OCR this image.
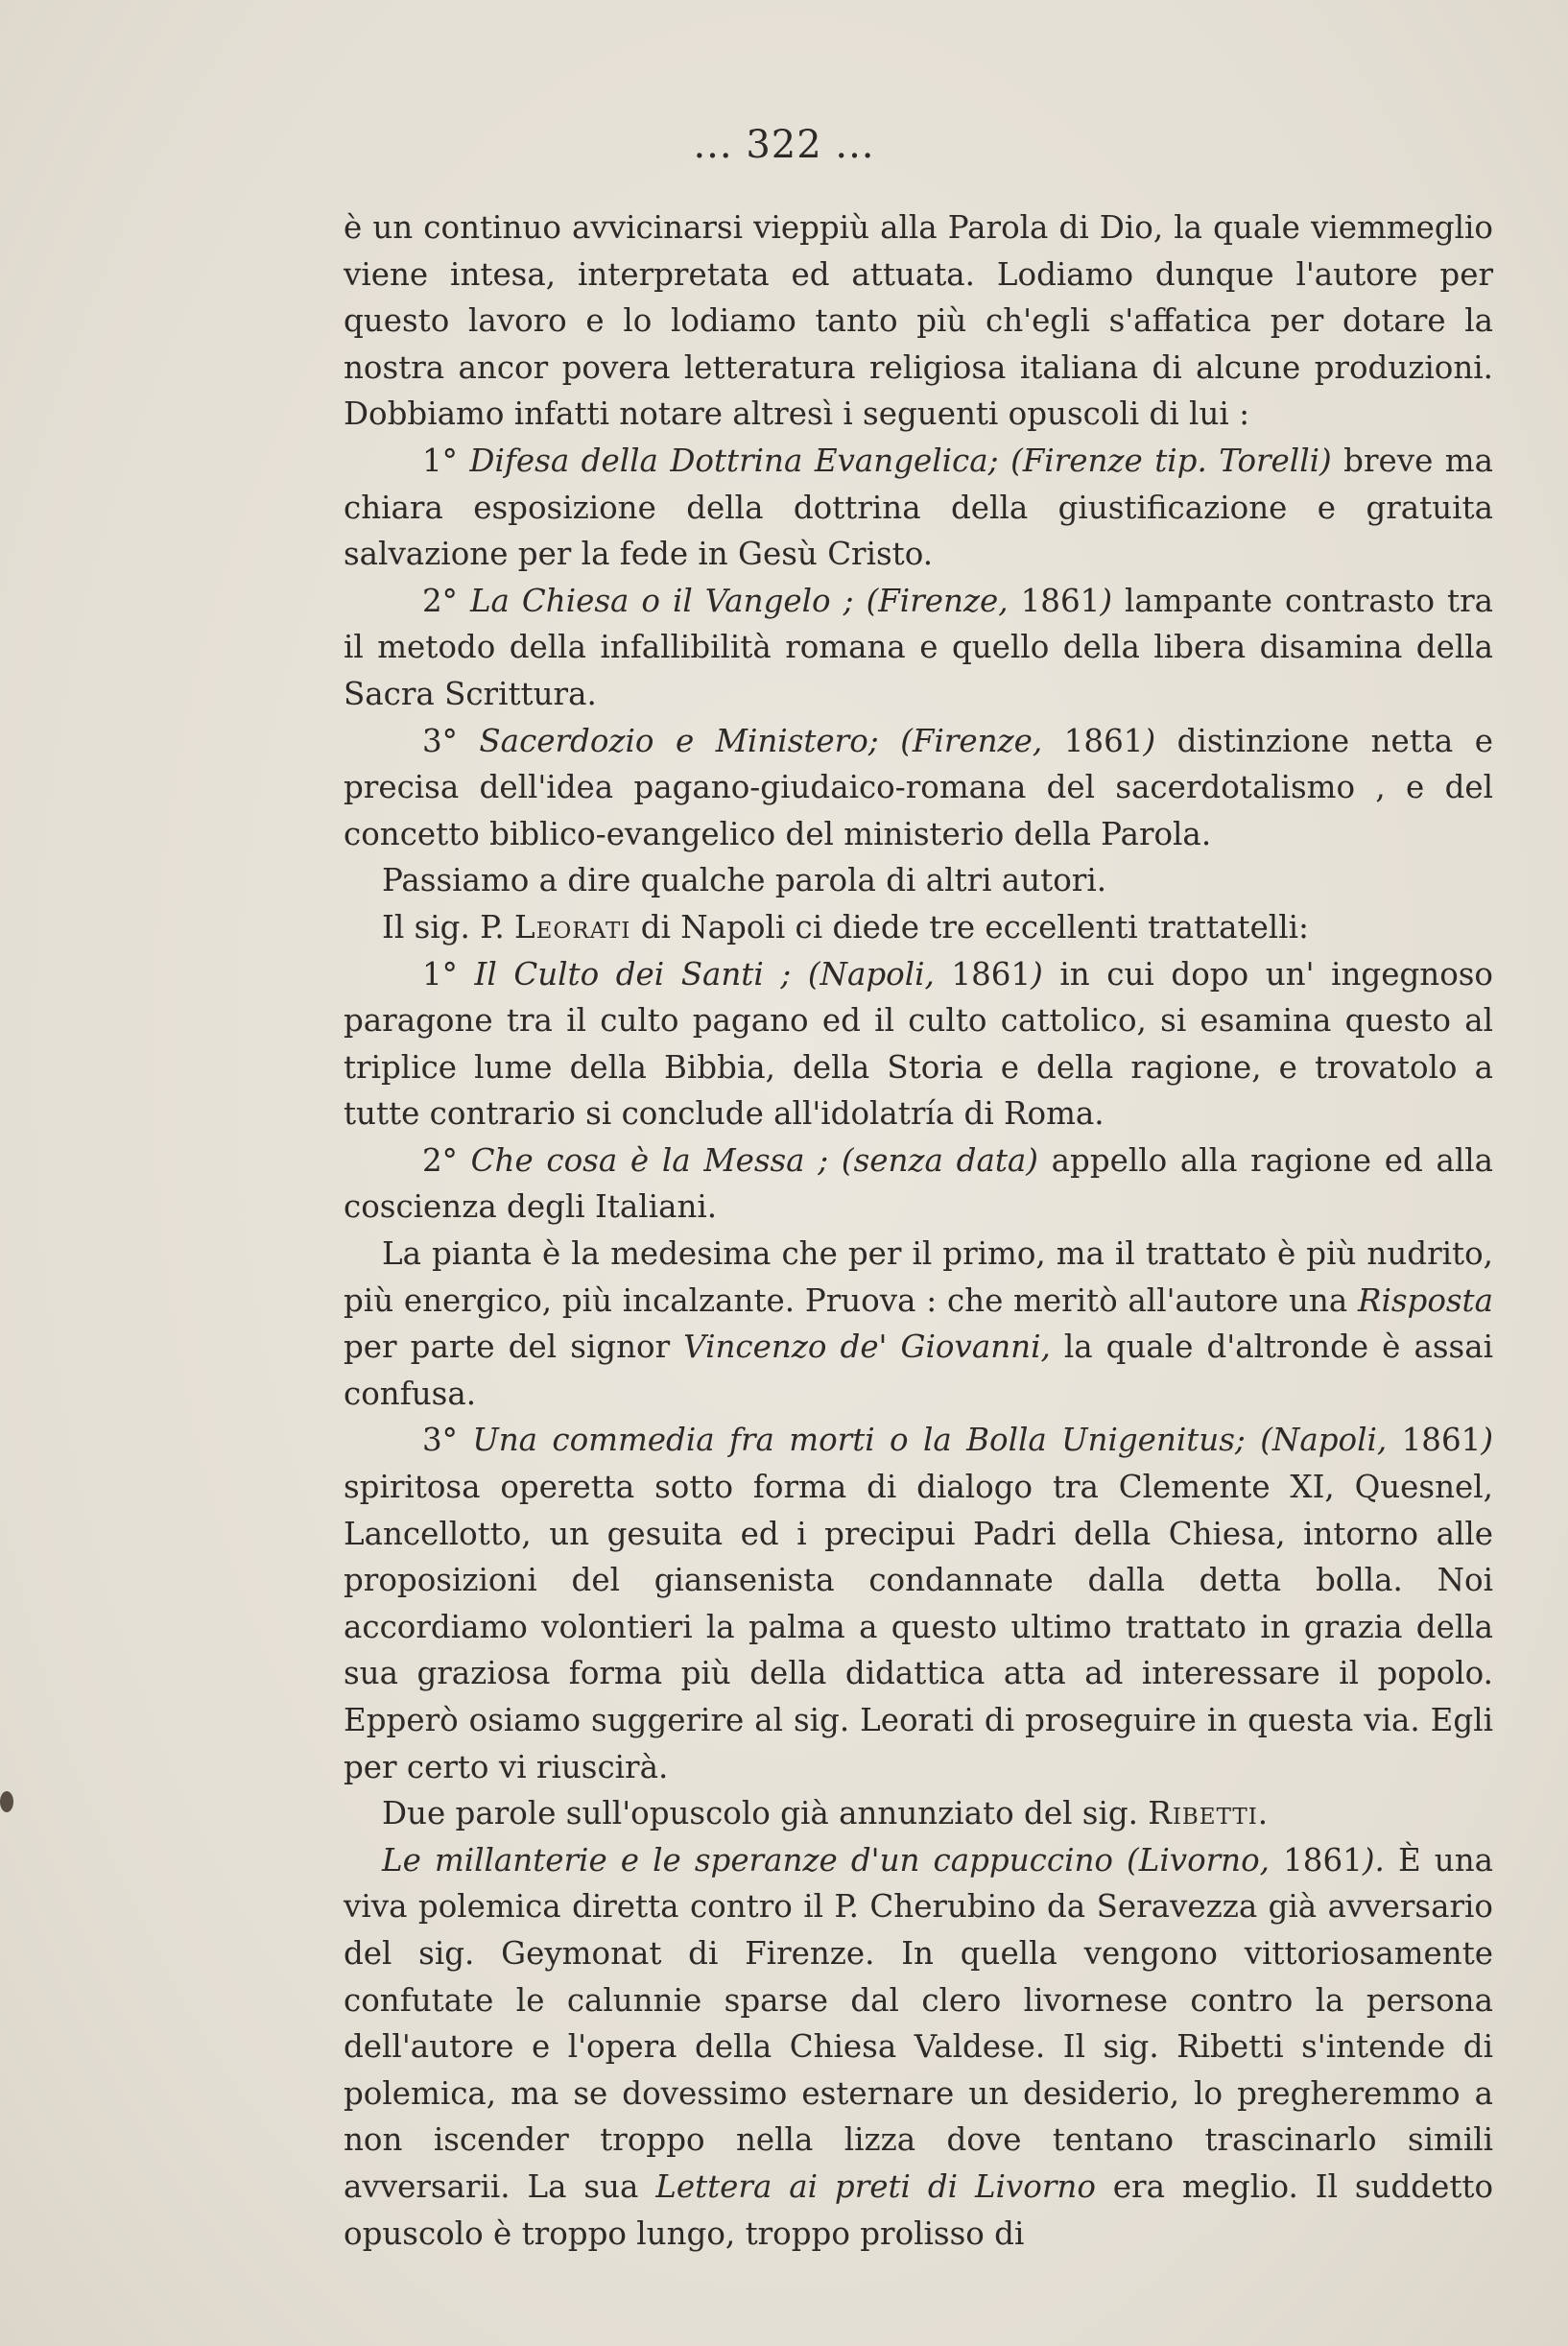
... 322 ...

è un continuo avvicinarsi vieppiù alla Parola di Dio, la quale viemmeglio viene intesa, interpretata ed attuata. Lodiamo dunque l'autore per questo lavoro e lo lodiamo tanto più ch'egli s'affatica per dotare la nostra ancor povera letteratura religiosa italiana di alcune produzioni. Dobbiamo infatti notare altresì i seguenti opuscoli di lui :

1° Difesa della Dottrina Evangelica; (Firenze tip. Torelli) breve ma chiara esposizione della dottrina della giustificazione e gratuita salvazione per la fede in Gesù Cristo.

2° La Chiesa o il Vangelo ; (Firenze, 1861) lampante contrasto tra il metodo della infallibilità romana e quello della libera disamina della Sacra Scrittura.

3° Sacerdozio e Ministero; (Firenze, 1861) distinzione netta e precisa dell'idea pagano-giudaico-romana del sacerdotalismo , e del concetto biblico-evangelico del ministerio della Parola.

Passiamo a dire qualche parola di altri autori.

Il sig. P. Leorati di Napoli ci diede tre eccellenti trattatelli:

1° Il Culto dei Santi ; (Napoli, 1861) in cui dopo un' ingegnoso paragone tra il culto pagano ed il culto cattolico, si esamina questo al triplice lume della Bibbia, della Storia e della ragione, e trovatolo a tutte contrario si conclude all'idolatría di Roma.

2° Che cosa è la Messa ; (senza data) appello alla ragione ed alla coscienza degli Italiani.

La pianta è la medesima che per il primo, ma il trattato è più nudrito, più energico, più incalzante. Pruova : che meritò all'autore una Risposta per parte del signor Vincenzo de' Giovanni, la quale d'altronde è assai confusa.

3° Una commedia fra morti o la Bolla Unigenitus; (Napoli, 1861) spiritosa operetta sotto forma di dialogo tra Clemente XI, Quesnel, Lancellotto, un gesuita ed i precipui Padri della Chiesa, intorno alle proposizioni del giansenista condannate dalla detta bolla. Noi accordiamo volontieri la palma a questo ultimo trattato in grazia della sua graziosa forma più della didattica atta ad interessare il popolo. Epperò osiamo suggerire al sig. Leorati di proseguire in questa via. Egli per certo vi riuscirà.

Due parole sull'opuscolo già annunziato del sig. Ribetti.

Le millanterie e le speranze d'un cappuccino (Livorno, 1861). È una viva polemica diretta contro il P. Cherubino da Seravezza già avversario del sig. Geymonat di Firenze. In quella vengono vittoriosamente confutate le calunnie sparse dal clero livornese contro la persona dell'autore e l'opera della Chiesa Valdese. Il sig. Ribetti s'intende di polemica, ma se dovessimo esternare un desiderio, lo pregheremmo a non iscender troppo nella lizza dove tentano trascinarlo simili avversarii. La sua Lettera ai preti di Livorno era meglio. Il suddetto opuscolo è troppo lungo, troppo prolisso di
